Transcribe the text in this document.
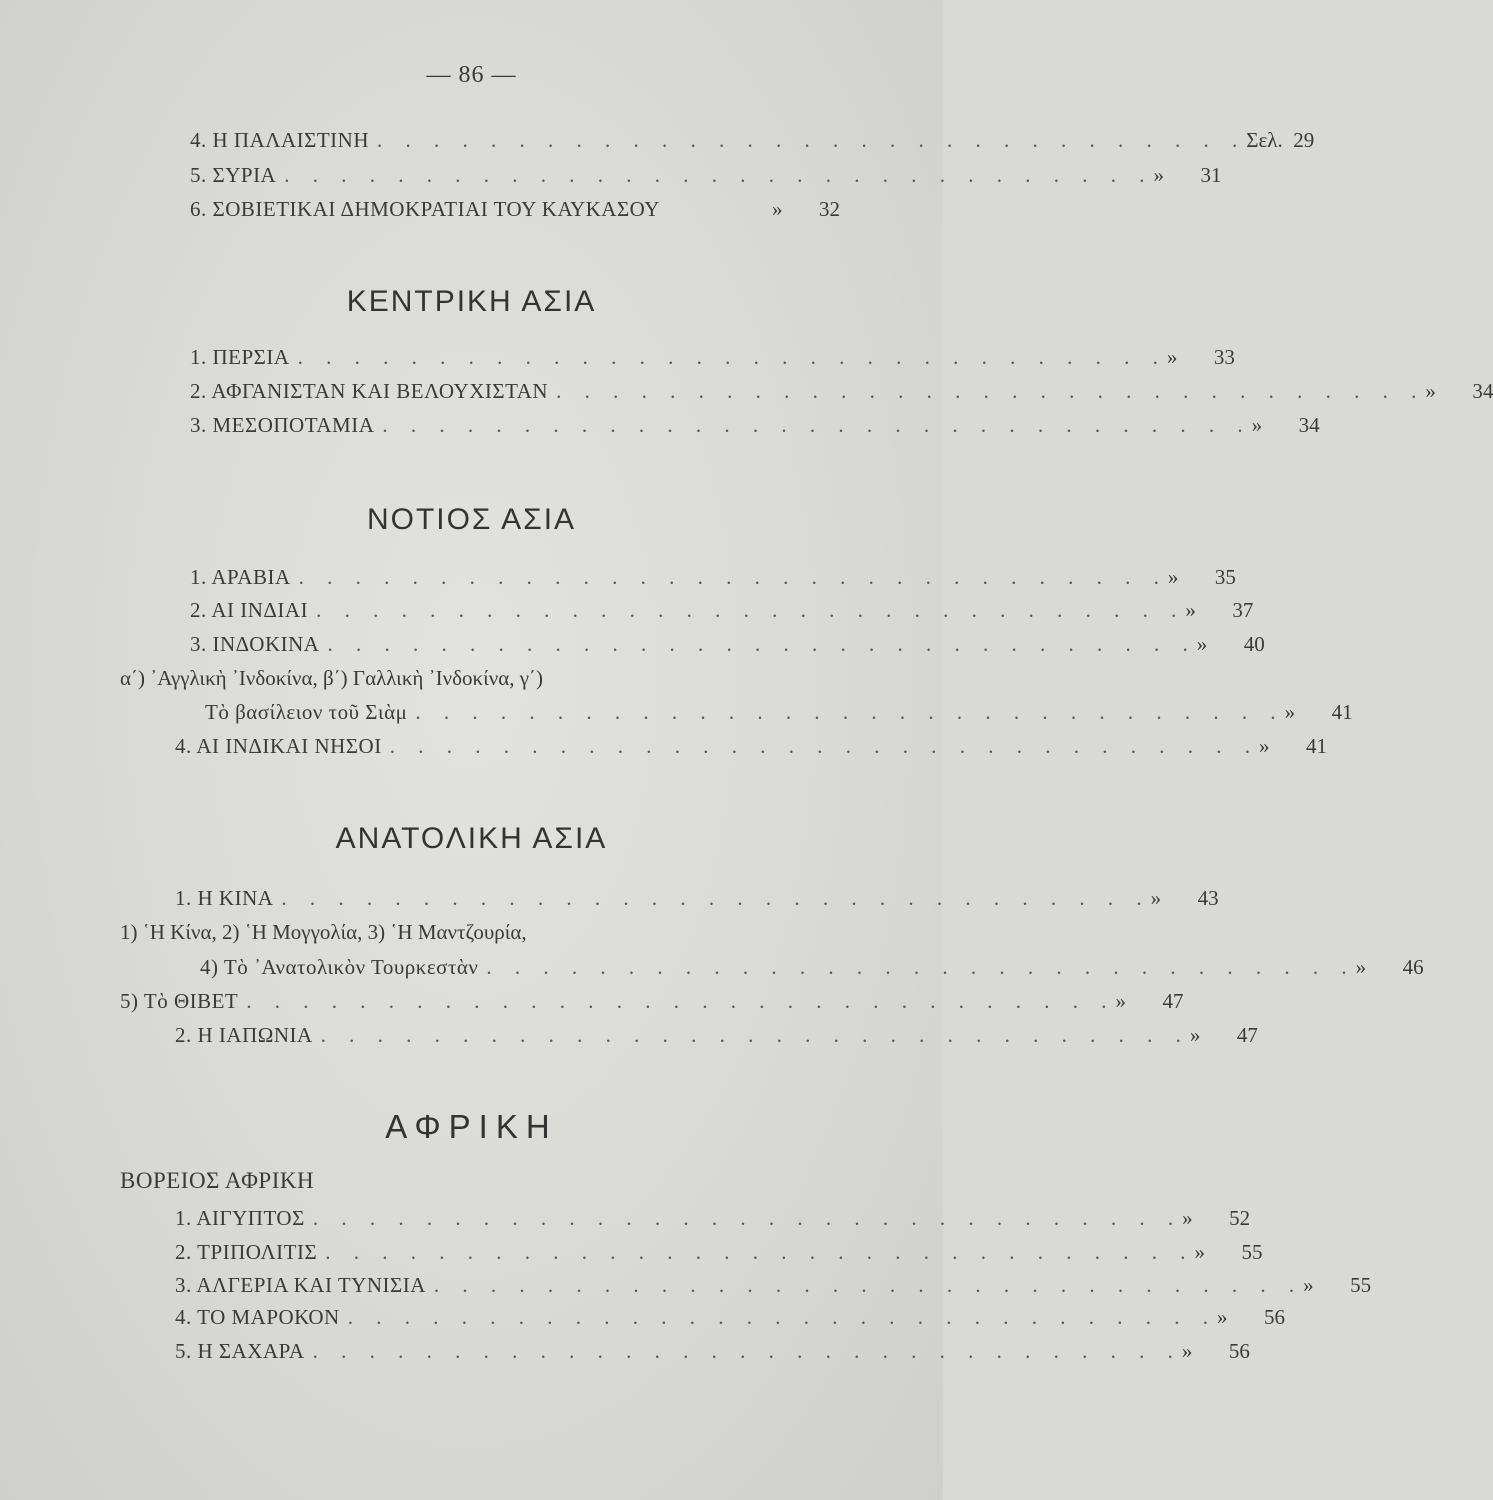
— 86 —
4. Η ΠΑΛΑΙΣΤΙΝΗ . . . . . . . . . . . . . . . . . . . . . . . . . . . . . . . Σελ. 29
5. ΣΥΡΙΑ . . . . . . . . . . . . . . . . . . . . . . . . . . . . . . . »	31
6. ΣΟΒΙΕΤΙΚΑΙ ΔΗΜΟΚΡΑΤΙΑΙ ΤΟΥ ΚΑΥΚΑΣΟΥ	»	32
ΚΕΝΤΡΙΚΗ ΑΣΙΑ
1. ΠΕΡΣΙΑ . . . . . . . . . . . . . . . . . . . . . . . . . . . . . . . »	33
2. ΑΦΓΑΝΙΣΤΑΝ ΚΑΙ ΒΕΛΟΥΧΙΣΤΑΝ . . . . . . . . . . . . . . . . . . . . . . . . . . . . . . . »	34
3. ΜΕΣΟΠΟΤΑΜΙΑ . . . . . . . . . . . . . . . . . . . . . . . . . . . . . . . »	34
ΝΟΤΙΟΣ ΑΣΙΑ
1. ΑΡΑΒΙΑ . . . . . . . . . . . . . . . . . . . . . . . . . . . . . . . »	35
2. ΑΙ ΙΝΔΙΑΙ . . . . . . . . . . . . . . . . . . . . . . . . . . . . . . . »	37
3. ΙΝΔΟΚΙΝΑ . . . . . . . . . . . . . . . . . . . . . . . . . . . . . . . »	40
α΄) ᾿Αγγλικὴ ᾿Ινδοκίνα, β΄) Γαλλικὴ ᾿Ινδοκίνα, γ΄)
Τὸ βασίλειον τοῦ Σιὰμ . . . . . . . . . . . . . . . . . . . . . . . . . . . . . . . »	41
4. ΑΙ ΙΝΔΙΚΑΙ ΝΗΣΟΙ . . . . . . . . . . . . . . . . . . . . . . . . . . . . . . . »	41
ΑΝΑΤΟΛΙΚΗ ΑΣΙΑ
1. Η ΚΙΝΑ . . . . . . . . . . . . . . . . . . . . . . . . . . . . . . . »	43
1) ῾Η Κίνα, 2) ῾Η Μογγολία, 3) ῾Η Μαντζουρία,
4) Τὸ ᾿Ανατολικὸν Τουρκεστὰν . . . . . . . . . . . . . . . . . . . . . . . . . . . . . . . »	46
5) Τὸ ΘΙΒΕΤ . . . . . . . . . . . . . . . . . . . . . . . . . . . . . . . »	47
2. Η ΙΑΠΩΝΙΑ . . . . . . . . . . . . . . . . . . . . . . . . . . . . . . . »	47
ΑΦΡΙΚΗ
ΒΟΡΕΙΟΣ ΑΦΡΙΚΗ
1. ΑΙΓΥΠΤΟΣ . . . . . . . . . . . . . . . . . . . . . . . . . . . . . . . »	52
2. ΤΡΙΠΟΛΙΤΙΣ . . . . . . . . . . . . . . . . . . . . . . . . . . . . . . . »	55
3. ΑΛΓΕΡΙΑ ΚΑΙ ΤΥΝΙΣΙΑ . . . . . . . . . . . . . . . . . . . . . . . . . . . . . . . »	55
4. ΤΟ ΜΑΡΟΚΟΝ . . . . . . . . . . . . . . . . . . . . . . . . . . . . . . . »	56
5. Η ΣΑΧΑΡΑ . . . . . . . . . . . . . . . . . . . . . . . . . . . . . . . »	56
